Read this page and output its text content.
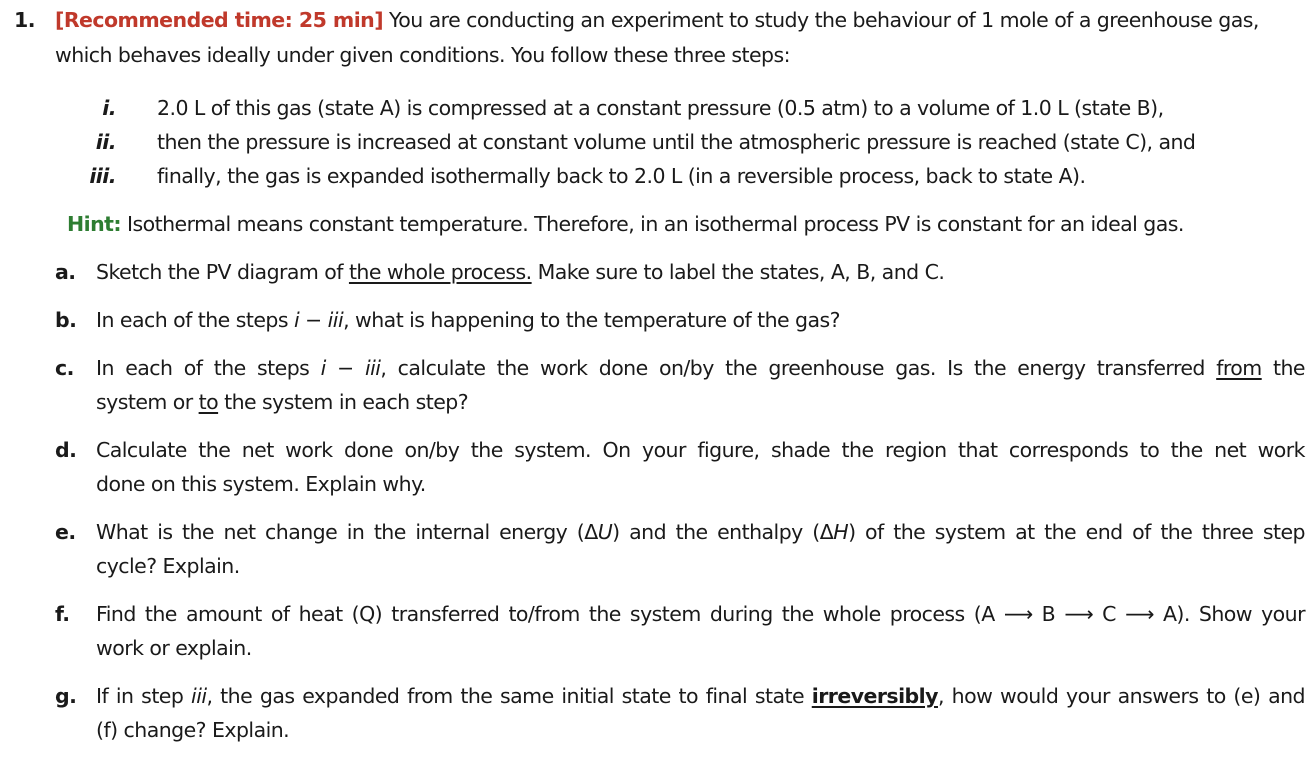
1. [Recommended time: 25 min] You are conducting an experiment to study the behaviour of 1 mole of a greenhouse gas,
which behaves ideally under given conditions. You follow these three steps:
i. 2.0 L of this gas (state A) is compressed at a constant pressure (0.5 atm) to a volume of 1.0 L (state B),
ii. then the pressure is increased at constant volume until the atmospheric pressure is reached (state C), and
iii. finally, the gas is expanded isothermally back to 2.0 L (in a reversible process, back to state A).
Hint: Isothermal means constant temperature. Therefore, in an isothermal process PV is constant for an ideal gas.
a. Sketch the PV diagram of the whole process. Make sure to label the states, A, B, and C.
b. In each of the steps i − iii, what is happening to the temperature of the gas?
c. In each of the steps i − iii, calculate the work done on/by the greenhouse gas. Is the energy transferred from the
system or to the system in each step?
d. Calculate the net work done on/by the system. On your figure, shade the region that corresponds to the net work
done on this system. Explain why.
e. What is the net change in the internal energy (ΔU) and the enthalpy (ΔH) of the system at the end of the three step
cycle? Explain.
f. Find the amount of heat (Q) transferred to/from the system during the whole process (A ⟶ B ⟶ C ⟶ A). Show your
work or explain.
g. If in step iii, the gas expanded from the same initial state to final state irreversibly, how would your answers to (e) and
(f) change? Explain.
